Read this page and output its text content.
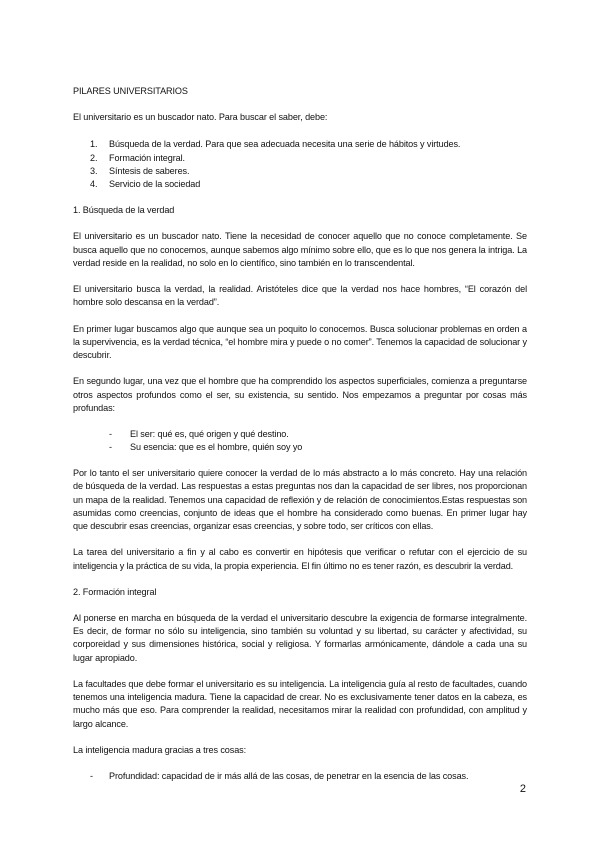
PILARES UNIVERSITARIOS

El universitario es un buscador nato. Para buscar el saber, debe:

1.	Búsqueda de la verdad. Para que sea adecuada necesita una serie de hábitos y virtudes.
2.	Formación integral.
3.	Síntesis de saberes.
4.	Servicio de la sociedad

1. Búsqueda de la verdad

El universitario es un buscador nato. Tiene la necesidad de conocer aquello que no conoce completamente. Se busca aquello que no conocemos, aunque sabemos algo mínimo sobre ello, que es lo que nos genera la intriga. La verdad reside en la realidad, no solo en lo científico, sino también en lo transcendental.

El universitario busca la verdad, la realidad. Aristóteles dice que la verdad nos hace hombres, “El corazón del hombre solo descansa en la verdad”.

En primer lugar buscamos algo que aunque sea un poquito lo conocemos. Busca solucionar problemas en orden a la supervivencia, es la verdad técnica, “el hombre mira y puede o no comer”. Tenemos la capacidad de solucionar y descubrir.

En segundo lugar, una vez que el hombre que ha comprendido los aspectos superficiales, comienza a preguntarse otros aspectos profundos como el ser, su existencia, su sentido. Nos empezamos a preguntar por cosas más profundas:

- El ser: qué es, qué origen y qué destino.
- Su esencia: que es el hombre, quién soy yo

Por lo tanto el ser universitario quiere conocer la verdad de lo más abstracto a lo más concreto. Hay una relación de búsqueda de la verdad. Las respuestas a estas preguntas nos dan la capacidad de ser libres, nos proporcionan un mapa de la realidad. Tenemos una capacidad de reflexión y de relación de conocimientos.Estas respuestas son asumidas como creencias, conjunto de ideas que el hombre ha considerado como buenas. En primer lugar hay que descubrir esas creencias, organizar esas creencias, y sobre todo, ser críticos con ellas.

La tarea del universitario a fin y al cabo es convertir en hipótesis que verificar o refutar con el ejercicio de su inteligencia y la práctica de su vida, la propia experiencia. El fin último no es tener razón, es descubrir la verdad.

2. Formación integral

Al ponerse en marcha en búsqueda de la verdad el universitario descubre la exigencia de formarse integralmente. Es decir, de formar no sólo su inteligencia, sino también su voluntad y su libertad, su carácter y afectividad, su corporeidad y sus dimensiones histórica, social y religiosa. Y formarlas armónicamente, dándole a cada una su lugar apropiado.

La facultades que debe formar el universitario es su inteligencia. La inteligencia guía al resto de facultades, cuando tenemos una inteligencia madura. Tiene la capacidad de crear. No es exclusivamente tener datos en la cabeza, es mucho más que eso. Para comprender la realidad, necesitamos mirar la realidad con profundidad, con amplitud y largo alcance.

La inteligencia madura gracias a tres cosas:

- Profundidad: capacidad de ir más allá de las cosas, de penetrar en la esencia de las cosas.
2
